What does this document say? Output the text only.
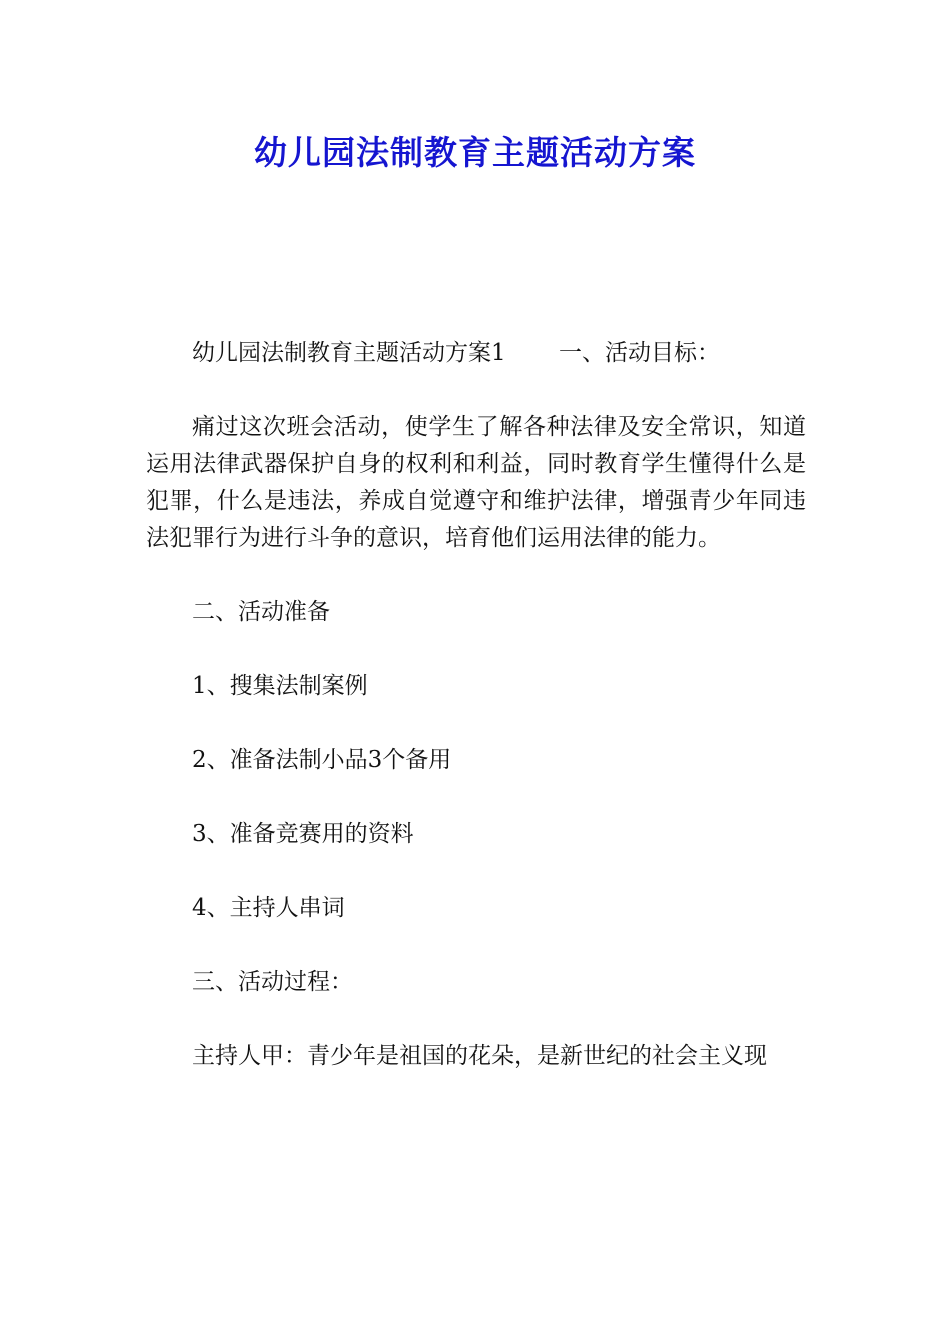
幼儿园法制教育主题活动方案

幼儿园法制教育主题活动方案1　　 一、活动目标：

痛过这次班会活动，使学生了解各种法律及安全常识，知道运用法律武器保护自身的权利和利益，同时教育学生懂得什么是犯罪，什么是违法，养成自觉遵守和维护法律，增强青少年同违法犯罪行为进行斗争的意识，培育他们运用法律的能力。

二、活动准备

1、搜集法制案例

2、准备法制小品3个备用

3、准备竞赛用的资料

4、主持人串词

三、活动过程：

主持人甲：青少年是祖国的花朵，是新世纪的社会主义现
